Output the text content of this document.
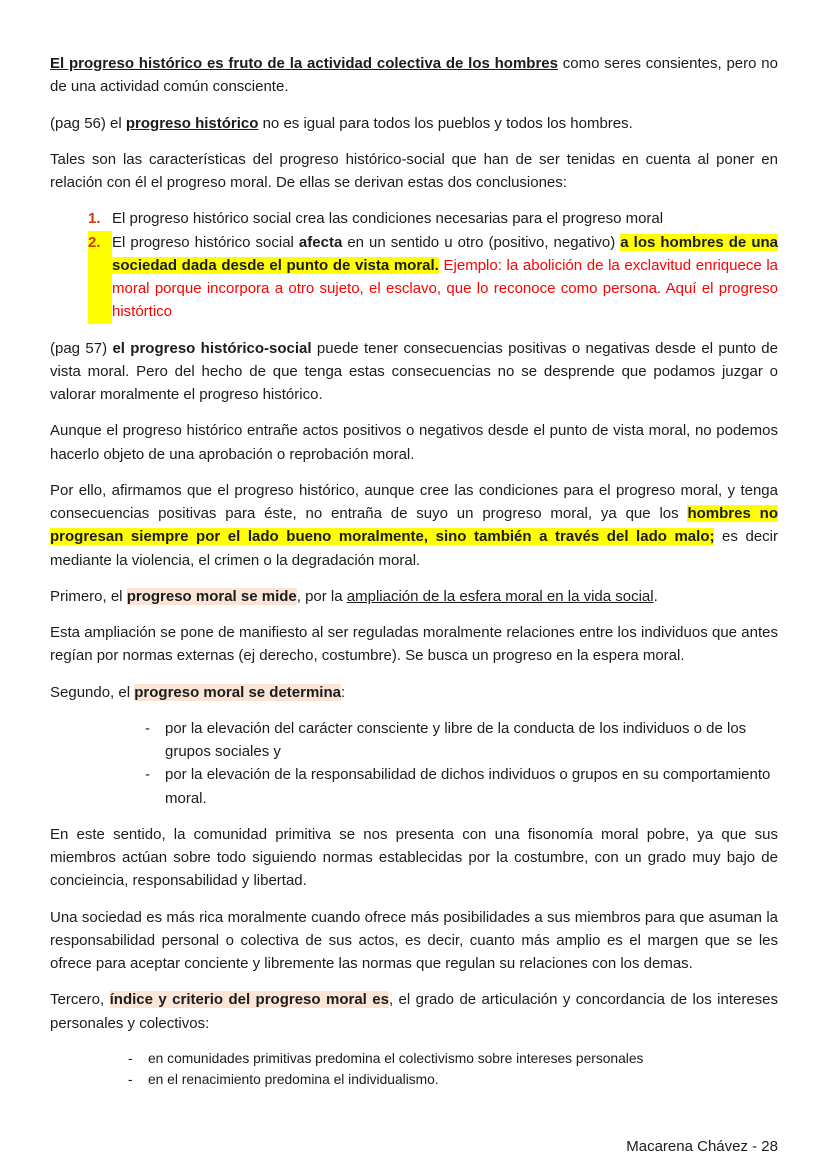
El progreso histórico es fruto de la actividad colectiva de los hombres como seres consientes, pero no de una actividad común consciente.

(pag 56) el progreso histórico no es igual para todos los pueblos y todos los hombres.

Tales son las características del progreso histórico-social que han de ser tenidas en cuenta al poner en relación con él el progreso moral. De ellas se derivan estas dos conclusiones:

1. El progreso histórico social crea las condiciones necesarias para el progreso moral
2. El progreso histórico social afecta en un sentido u otro (positivo, negativo) a los hombres de una sociedad dada desde el punto de vista moral. Ejemplo: la abolición de la exclavitud enriquece la moral porque incorpora a otro sujeto, el esclavo, que lo reconoce como persona. Aquí el progreso histórtico

(pag 57) el progreso histórico-social puede tener consecuencias positivas o negativas desde el punto de vista moral. Pero del hecho de que tenga estas consecuencias no se desprende que podamos juzgar o valorar moralmente el progreso histórico.

Aunque el progreso histórico entrañe actos positivos o negativos desde el punto de vista moral, no podemos hacerlo objeto de una aprobación o reprobación moral.

Por ello, afirmamos que el progreso histórico, aunque cree las condiciones para el progreso moral, y tenga consecuencias positivas para éste, no entraña de suyo un progreso moral, ya que los hombres no progresan siempre por el lado bueno moralmente, sino también a través del lado malo; es decir mediante la violencia, el crimen o la degradación moral.

Primero, el progreso moral se mide, por la ampliación de la esfera moral en la vida social.

Esta ampliación se pone de manifiesto al ser reguladas moralmente relaciones entre los individuos que antes regían por normas externas (ej derecho, costumbre). Se busca un progreso en la espera moral.

Segundo, el progreso moral se determina:

-	por la elevación del carácter consciente y libre de la conducta de los individuos o de los grupos sociales y
-	por la elevación de la responsabilidad de dichos individuos o grupos en su comportamiento moral.

En este sentido, la comunidad primitiva se nos presenta con una fisonomía moral pobre, ya que sus miembros actúan sobre todo siguiendo normas establecidas por la costumbre, con un grado muy bajo de concieincia, responsabilidad y libertad.

Una sociedad es más rica moralmente cuando ofrece más posibilidades a sus miembros para que asuman la responsabilidad personal o colectiva de sus actos, es decir, cuanto más amplio es el margen que se les ofrece para aceptar conciente y libremente las normas que regulan su relaciones con los demas.

Tercero, índice y criterio del progreso moral es, el grado de articulación y concordancia de los intereses personales y colectivos:

-	en comunidades primitivas predomina el colectivismo sobre intereses personales
-	en el renacimiento predomina el individualismo.
Macarena Chávez - 28
